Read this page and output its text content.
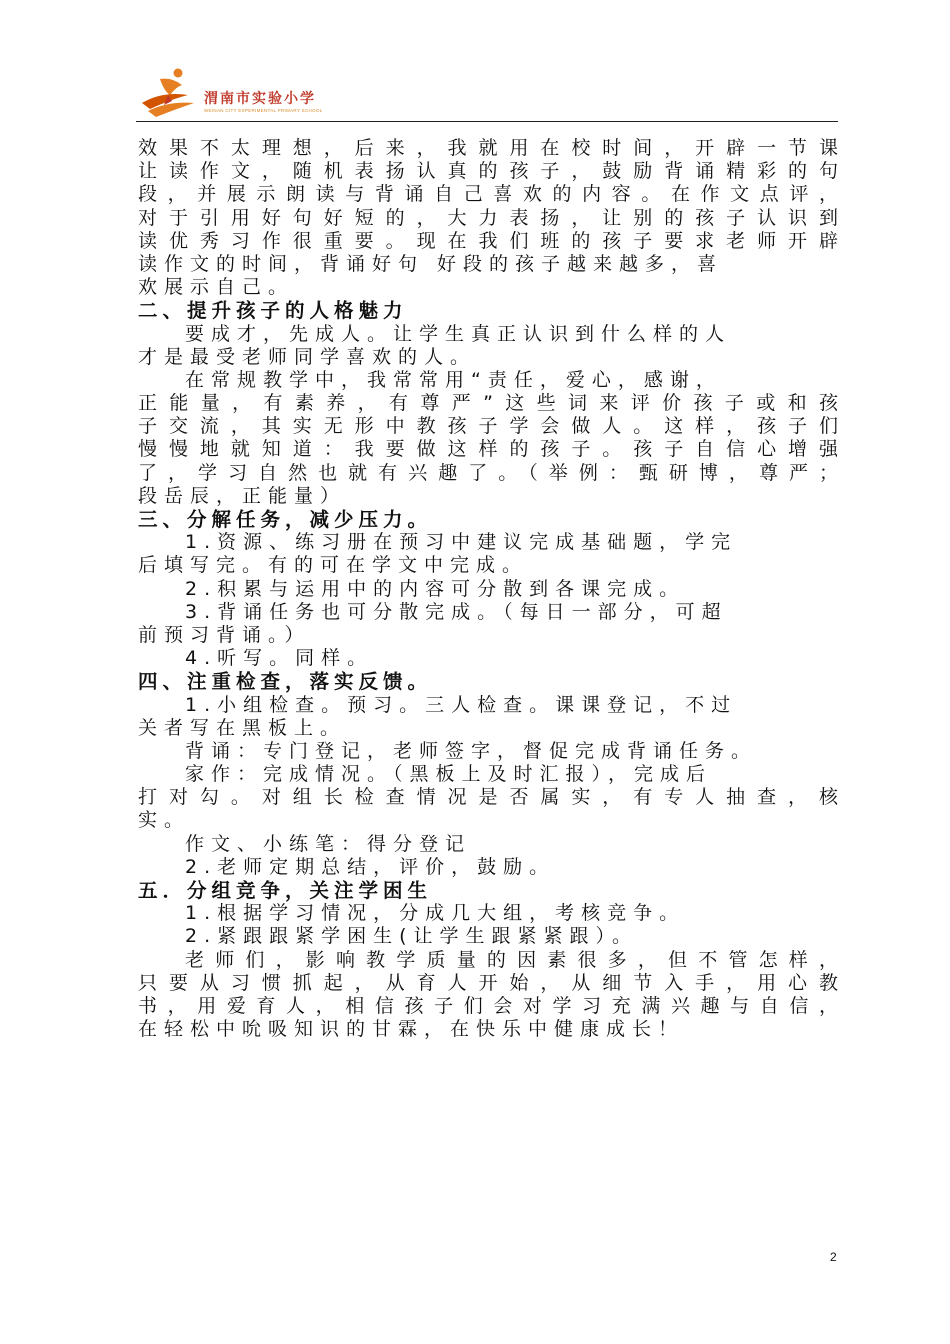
渭南市实验小学
WEINAN CITY EXPERIMENTAL PRIMARY SCHOOL
效果不太理想，后来，我就用在校时间，开辟一节课
让读作文，随机表扬认真的孩子，鼓励背诵精彩的句
段，并展示朗读与背诵自己喜欢的内容。在作文点评，
对于引用好句好短的，大力表扬，让别的孩子认识到
读优秀习作很重要。现在我们班的孩子要求老师开辟
读作文的时间，背诵好句 好段的孩子越来越多，喜
欢展示自己。
二、提升孩子的人格魅力
要成才，先成人。让学生真正认识到什么样的人
才是最受老师同学喜欢的人。
在常规教学中，我常常用“责任，爱心，感谢，
正能量，有素养，有尊严”这些词来评价孩子或和孩
子交流，其实无形中教孩子学会做人。这样，孩子们
慢慢地就知道：我要做这样的孩子。孩子自信心增强
了，学习自然也就有兴趣了。（举例：甄研博，尊严；
段岳辰，正能量）
三、分解任务，减少压力。
1.资源、练习册在预习中建议完成基础题，学完
后填写完。有的可在学文中完成。
2.积累与运用中的内容可分散到各课完成。
3.背诵任务也可分散完成。（每日一部分，可超
前预习背诵。）
4.听写。同样。
四、注重检查，落实反馈。
1.小组检查。预习。三人检查。课课登记，不过
关者写在黑板上。
背诵：专门登记，老师签字，督促完成背诵任务。
家作：完成情况。（黑板上及时汇报），完成后
打对勾。对组长检查情况是否属实，有专人抽查，核
实。
作文、小练笔：得分登记
2.老师定期总结，评价，鼓励。
五．分组竞争，关注学困生
1.根据学习情况，分成几大组，考核竞争。
2.紧跟跟紧学困生(让学生跟紧紧跟）。
老师们，影响教学质量的因素很多，但不管怎样，
只要从习惯抓起，从育人开始，从细节入手，用心教
书，用爱育人，相信孩子们会对学习充满兴趣与自信，
在轻松中吮吸知识的甘霖，在快乐中健康成长！
2
